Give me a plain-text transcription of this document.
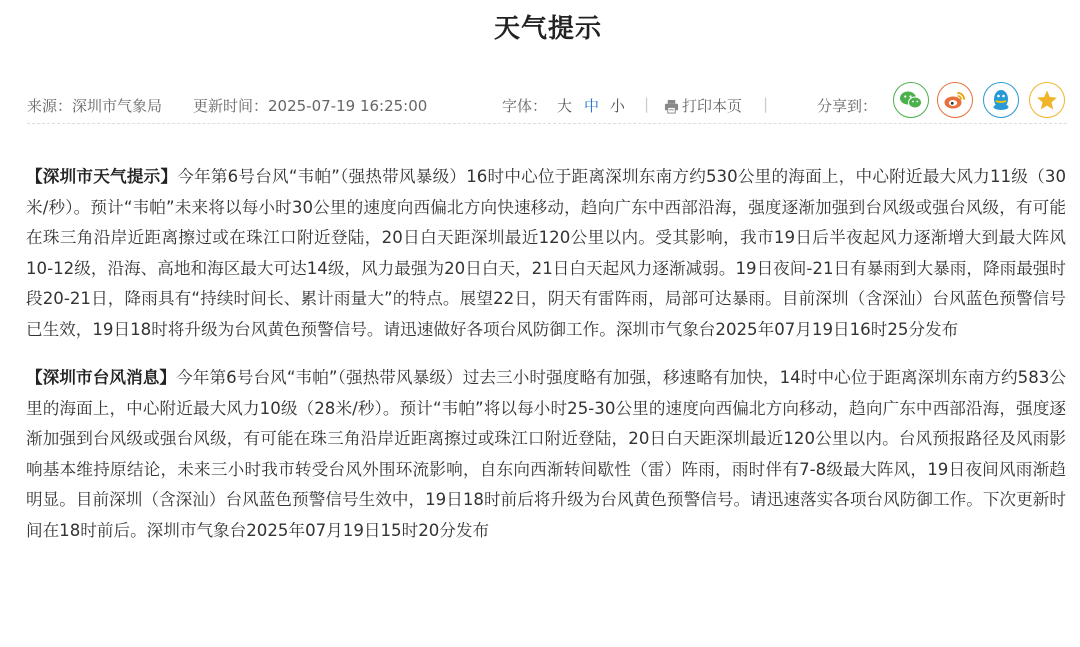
天气提示
来源：深圳市气象局 更新时间：2025-07-19 16:25:00	字体： 大 中 小 |	打印本页 |	分享到：

【深圳市天气提示】今年第6号台风“韦帕”（强热带风暴级）16时中心位于距离深圳东南方约530公里的海面上，中心附近最大风力11级（30米/秒）。预计“韦帕”未来将以每小时30公里的速度向西偏北方向快速移动，趋向广东中西部沿海，强度逐渐加强到台风级或强台风级，有可能在珠三角沿岸近距离擦过或在珠江口附近登陆，20日白天距深圳最近120公里以内。受其影响，我市19日后半夜起风力逐渐增大到最大阵风10-12级，沿海、高地和海区最大可达14级，风力最强为20日白天，21日白天起风力逐渐减弱。19日夜间-21日有暴雨到大暴雨，降雨最强时段20-21日，降雨具有“持续时间长、累计雨量大”的特点。展望22日，阴天有雷阵雨，局部可达暴雨。目前深圳（含深汕）台风蓝色预警信号已生效，19日18时将升级为台风黄色预警信号。请迅速做好各项台风防御工作。深圳市气象台2025年07月19日16时25分发布

【深圳市台风消息】今年第6号台风“韦帕”（强热带风暴级）过去三小时强度略有加强，移速略有加快，14时中心位于距离深圳东南方约583公里的海面上，中心附近最大风力10级（28米/秒）。预计“韦帕”将以每小时25-30公里的速度向西偏北方向移动，趋向广东中西部沿海，强度逐渐加强到台风级或强台风级，有可能在珠三角沿岸近距离擦过或珠江口附近登陆，20日白天距深圳最近120公里以内。台风预报路径及风雨影响基本维持原结论，未来三小时我市转受台风外围环流影响，自东向西渐转间歇性（雷）阵雨，雨时伴有7-8级最大阵风，19日夜间风雨渐趋明显。目前深圳（含深汕）台风蓝色预警信号生效中，19日18时前后将升级为台风黄色预警信号。请迅速落实各项台风防御工作。下次更新时间在18时前后。深圳市气象台2025年07月19日15时20分发布
